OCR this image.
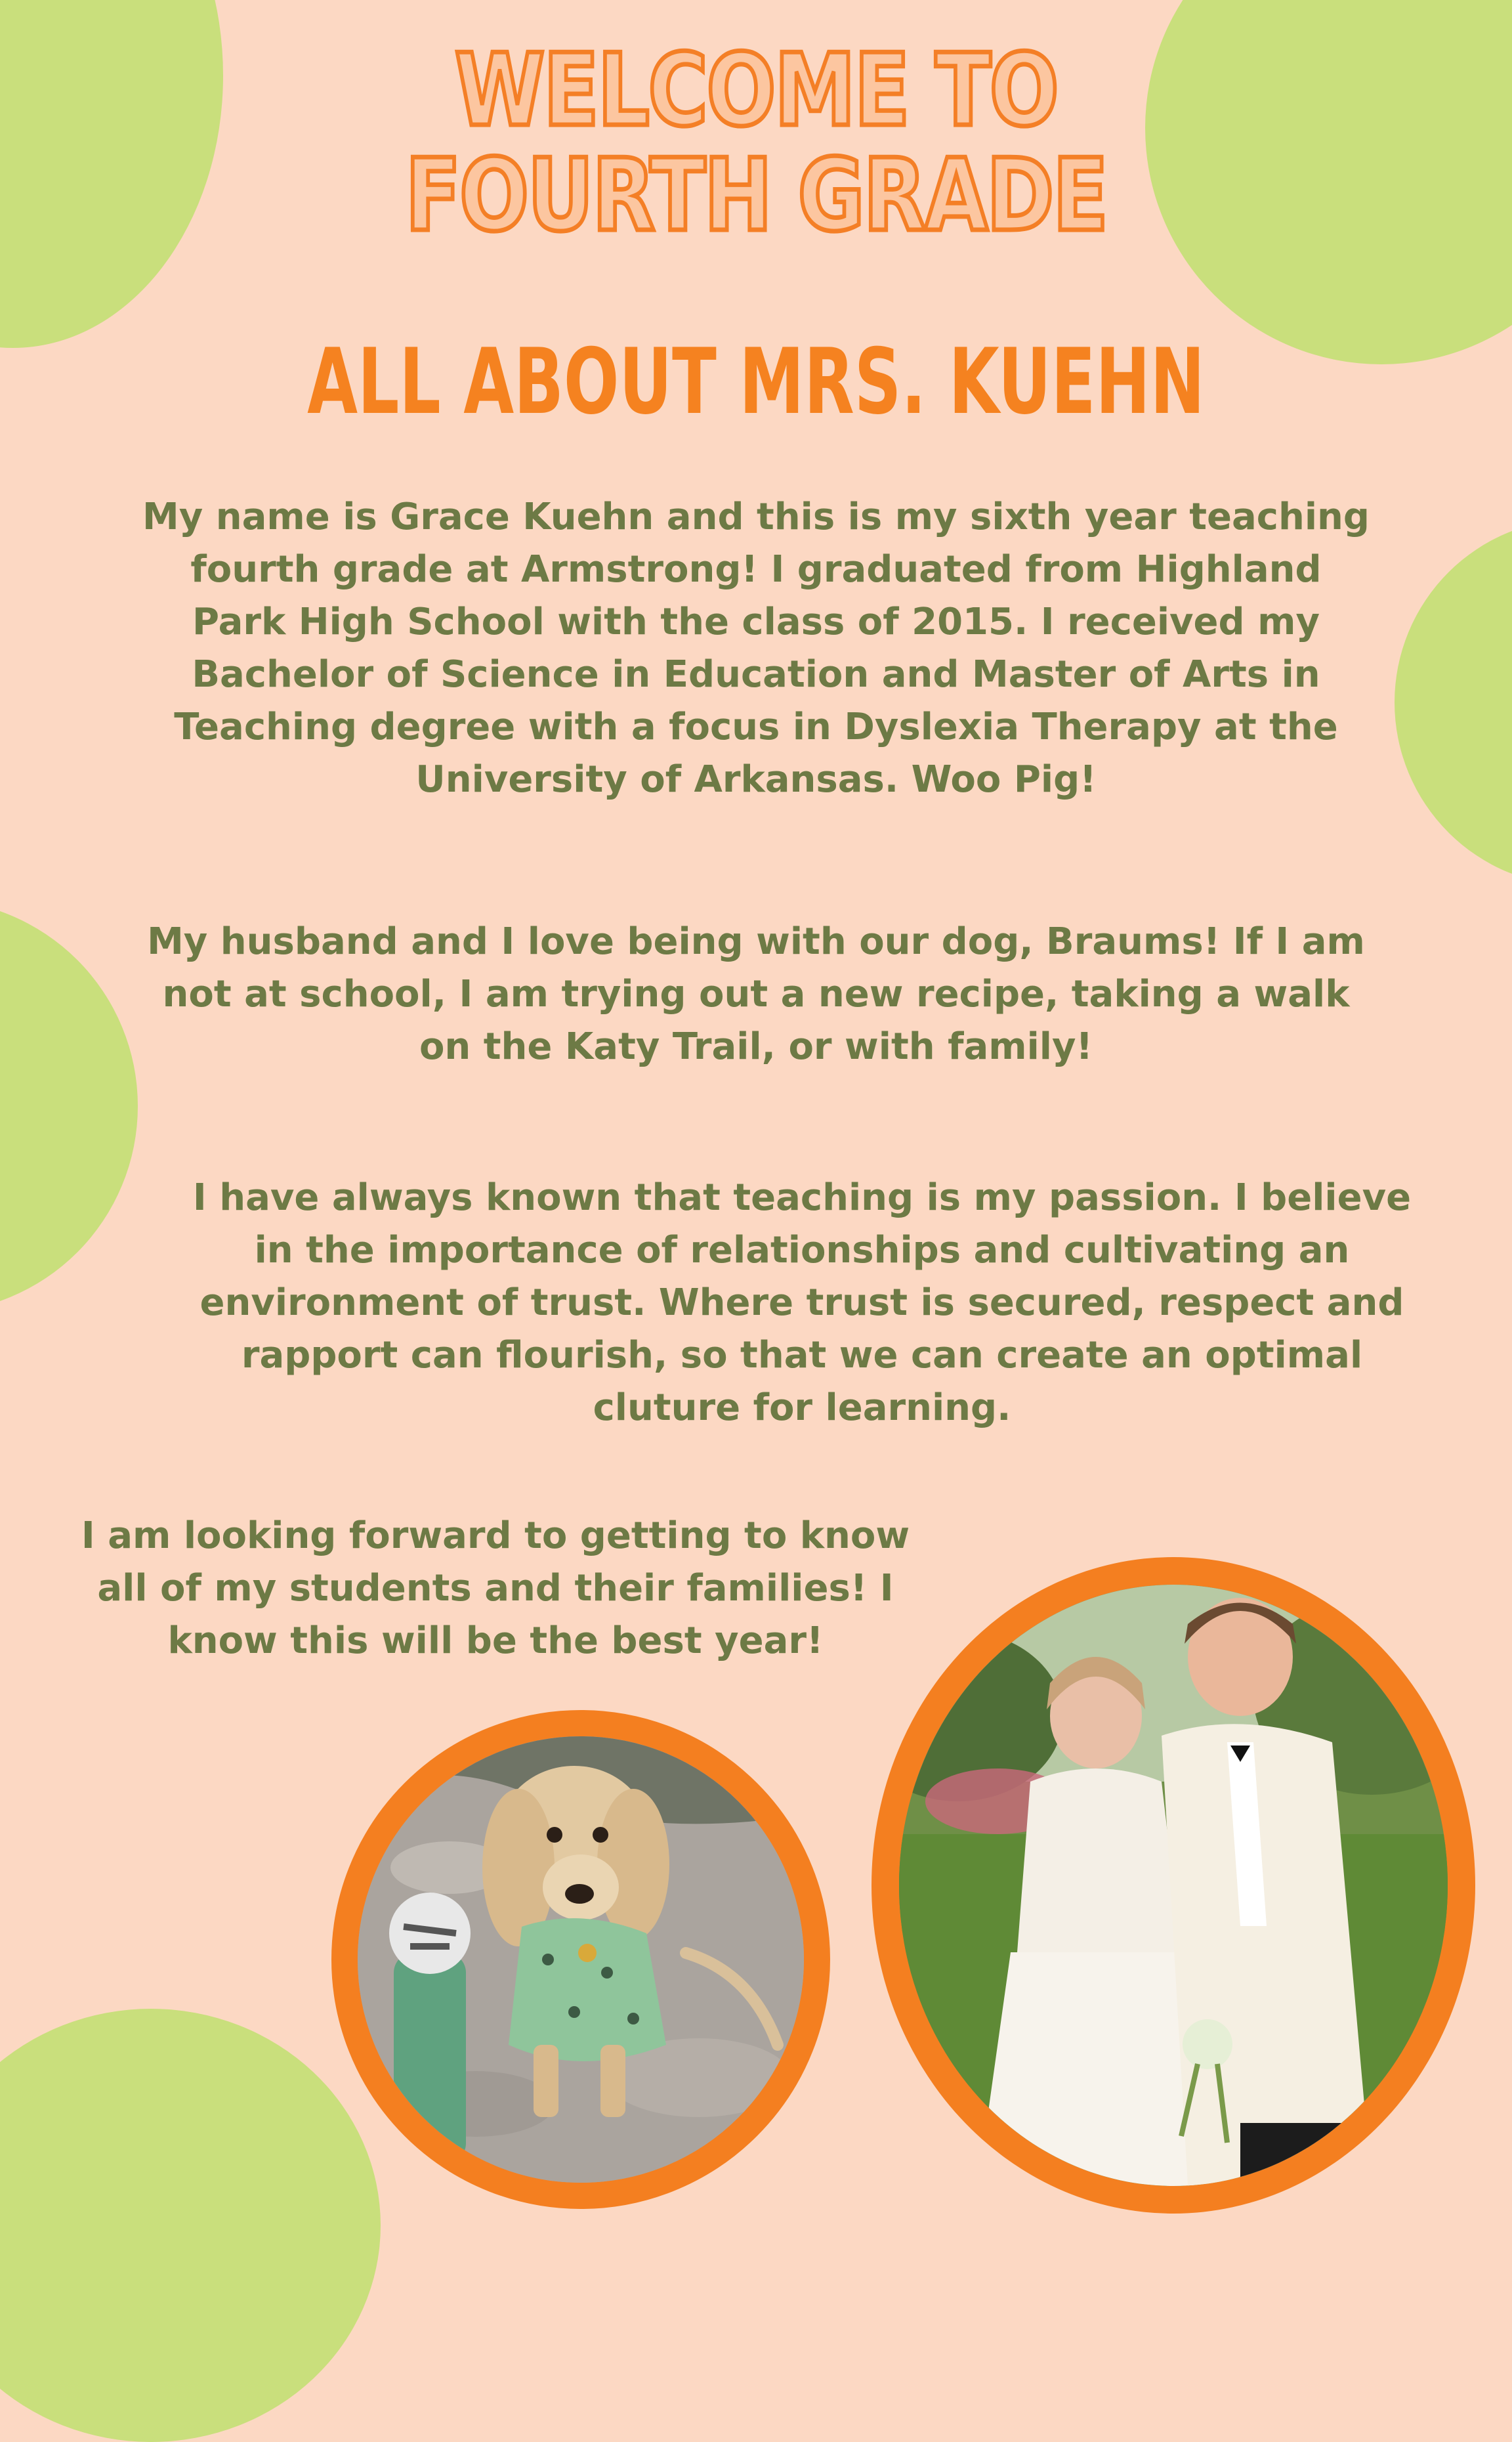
WELCOME TO
FOURTH GRADE
ALL ABOUT MRS. KUEHN

My name is Grace Kuehn and this is my sixth year teaching
fourth grade at Armstrong! I graduated from Highland
Park High School with the class of 2015. I received my
Bachelor of Science in Education and Master of Arts in
Teaching degree with a focus in Dyslexia Therapy at the
University of Arkansas. Woo Pig!

My husband and I love being with our dog, Braums! If I am
not at school, I am trying out a new recipe, taking a walk
on the Katy Trail, or with family!

I have always known that teaching is my passion. I believe
in the importance of relationships and cultivating an
environment of trust. Where trust is secured, respect and
rapport can flourish, so that we can create an optimal
cluture for learning.

I am looking forward to getting to know
all of my students and their families! I
know this will be the best year!
